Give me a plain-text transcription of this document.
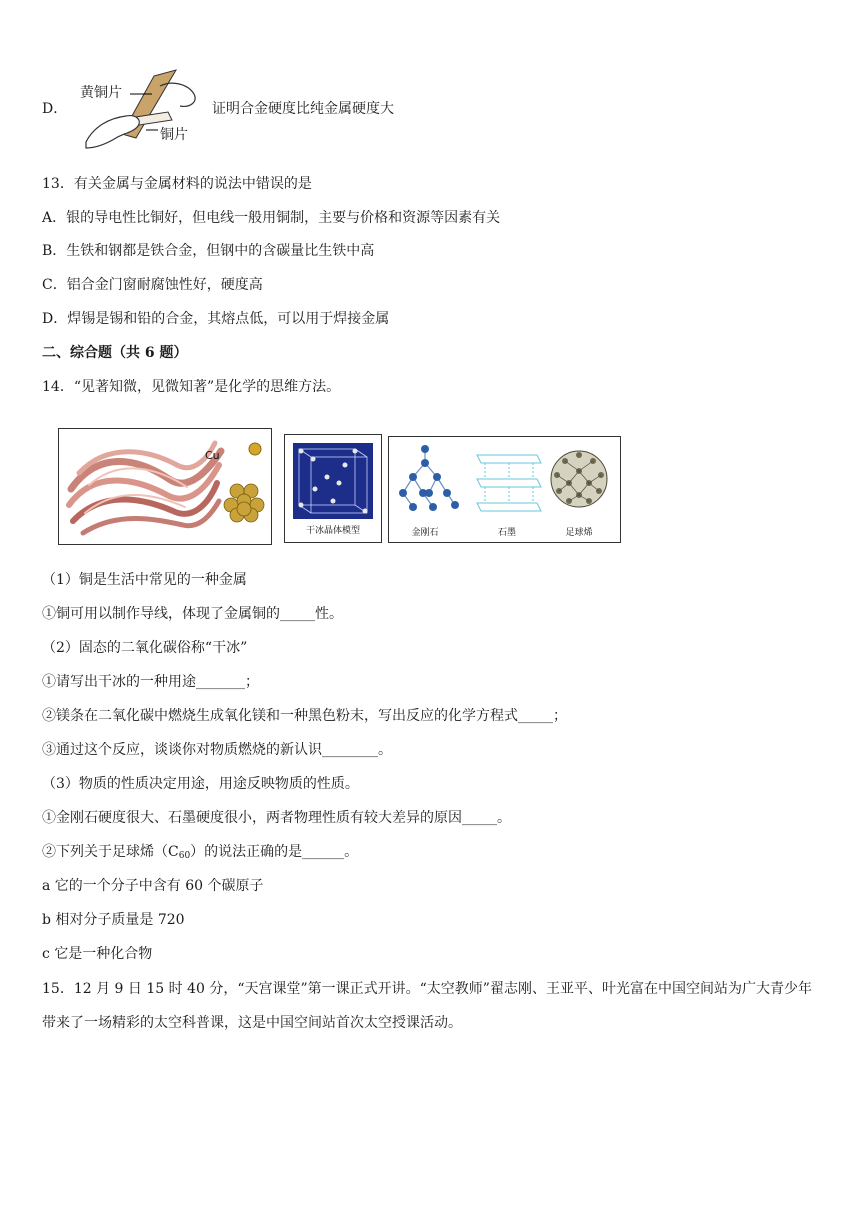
D．
黄铜片
铜片
证明合金硬度比纯金属硬度大
13．有关金属与金属材料的说法中错误的是
A．银的导电性比铜好，但电线一般用铜制，主要与价格和资源等因素有关
B．生铁和钢都是铁合金，但钢中的含碳量比生铁中高
C．铝合金门窗耐腐蚀性好，硬度高
D．焊锡是锡和铅的合金，其熔点低，可以用于焊接金属
二、综合题（共 6 题）
14．“见著知微，见微知著”是化学的思维方法。
Cu
干冰晶体模型	金刚石	石墨	足球烯
（1）铜是生活中常见的一种金属
①铜可用以制作导线，体现了金属铜的_____性。
（2）固态的二氧化碳俗称“干冰”
①请写出干冰的一种用途_______；
②镁条在二氧化碳中燃烧生成氧化镁和一种黑色粉末，写出反应的化学方程式_____；
③通过这个反应，谈谈你对物质燃烧的新认识________。
（3）物质的性质决定用途，用途反映物质的性质。
①金刚石硬度很大、石墨硬度很小，两者物理性质有较大差异的原因_____。
②下列关于足球烯$(C_{60})$的说法正确的是______。
a 它的一个分子中含有 60 个碳原子
b 相对分子质量是 720
c 它是一种化合物
15．12 月 9 日 15 时 40 分，“天宫课堂”第一课正式开讲。“太空教师”翟志刚、王亚平、叶光富在中国空间站为广大青少年带来了一场精彩的太空科普课，这是中国空间站首次太空授课活动。
